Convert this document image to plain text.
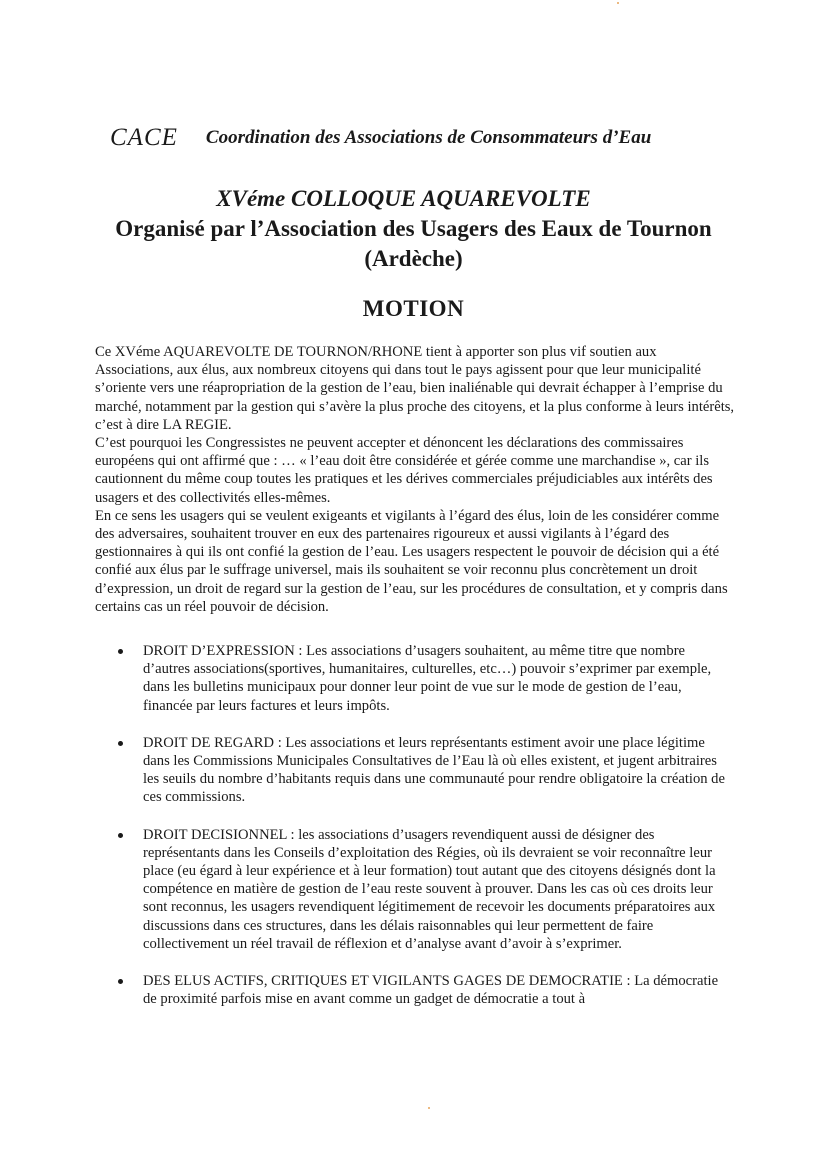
CACE Coordination des Associations de Consommateurs d’Eau
XVéme COLLOQUE AQUAREVOLTE
Organisé par l’Association des Usagers des Eaux de Tournon
(Ardèche)
MOTION

Ce XVéme AQUAREVOLTE DE TOURNON/RHONE tient à apporter son plus vif soutien aux Associations, aux élus, aux nombreux citoyens qui dans tout le pays agissent pour que leur municipalité s’oriente vers une réapropriation de la gestion de l’eau, bien inaliénable qui devrait échapper à l’emprise du marché, notamment par la gestion qui s’avère la plus proche des citoyens, et la plus conforme à leurs intérêts, c’est à dire LA REGIE.

C’est pourquoi les Congressistes ne peuvent accepter et dénoncent les déclarations des commissaires européens qui ont affirmé que : … « l’eau doit être considérée et gérée comme une marchandise », car ils cautionnent du même coup toutes les pratiques et les dérives commerciales préjudiciables aux intérêts des usagers et des collectivités elles-mêmes.

En ce sens les usagers qui se veulent exigeants et vigilants à l’égard des élus, loin de les considérer comme des adversaires, souhaitent trouver en eux des partenaires rigoureux et aussi vigilants à l’égard des gestionnaires à qui ils ont confié la gestion de l’eau. Les usagers respectent le pouvoir de décision qui a été confié aux élus par le suffrage universel, mais ils souhaitent se voir reconnu plus concrètement un droit d’expression, un droit de regard sur la gestion de l’eau, sur les procédures de consultation, et y compris dans certains cas un réel pouvoir de décision.

DROIT D’EXPRESSION : Les associations d’usagers souhaitent, au même titre que nombre d’autres associations(sportives, humanitaires, culturelles, etc…) pouvoir s’exprimer par exemple, dans les bulletins municipaux pour donner leur point de vue sur le mode de gestion de l’eau, financée par leurs factures et leurs impôts.
DROIT DE REGARD : Les associations et leurs représentants estiment avoir une place légitime dans les Commissions Municipales Consultatives de l’Eau là où elles existent, et jugent arbitraires les seuils du nombre d’habitants requis dans une communauté pour rendre obligatoire la création de ces commissions.
DROIT DECISIONNEL : les associations d’usagers revendiquent aussi de désigner des représentants dans les Conseils d’exploitation des Régies, où ils devraient se voir reconnaître leur place (eu égard à leur expérience et à leur formation) tout autant que des citoyens désignés dont la compétence en matière de gestion de l’eau reste souvent à prouver. Dans les cas où ces droits leur sont reconnus, les usagers revendiquent légitimement de recevoir les documents préparatoires aux discussions dans ces structures, dans les délais raisonnables qui leur permettent de faire collectivement un réel travail de réflexion et d’analyse avant d’avoir à s’exprimer.
DES ELUS ACTIFS, CRITIQUES ET VIGILANTS GAGES DE DEMOCRATIE : La démocratie de proximité parfois mise en avant comme un gadget de démocratie a tout à
